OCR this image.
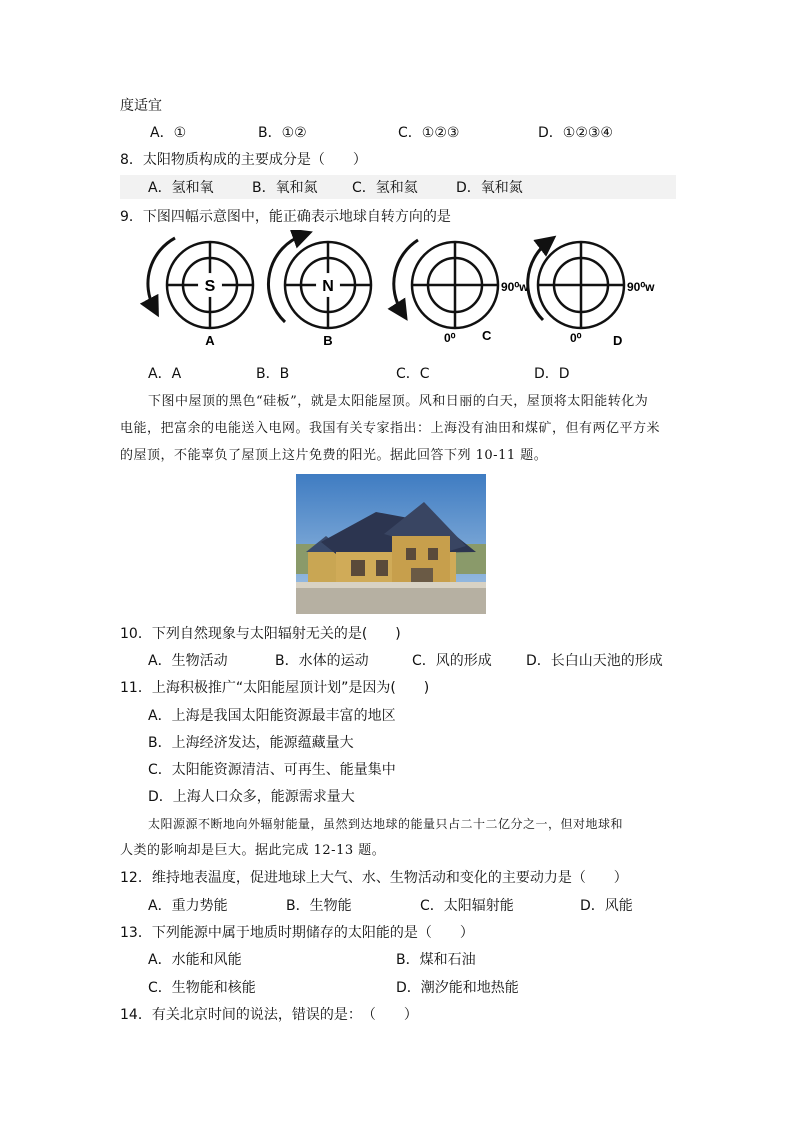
度适宜
A．①	B．①②	C．①②③	D．①②③④
8．太阳物质构成的主要成分是（　　）
A．氢和氧	B．氧和氮 C．氢和氦	D．氧和氮
9．下图四幅示意图中，能正确表示地球自转方向的是
S
A
N
B
90⁰w
0⁰ C
90⁰w
0⁰ D
A．A	B．B	C．C	D．D
下图中屋顶的黑色“硅板”，就是太阳能屋顶。风和日丽的白天，屋顶将太阳能转化为
电能，把富余的电能送入电网。我国有关专家指出：上海没有油田和煤矿，但有两亿平方米
的屋顶，不能辜负了屋顶上这片免费的阳光。据此回答下列 10-11 题。
10．下列自然现象与太阳辐射无关的是(　　)
A．生物活动	B．水体的运动	C．风的形成 D．长白山天池的形成
11．上海积极推广“太阳能屋顶计划”是因为(　　)
A．上海是我国太阳能资源最丰富的地区
B．上海经济发达，能源蕴藏量大
C．太阳能资源清洁、可再生、能量集中
D．上海人口众多，能源需求量大
太阳源源不断地向外辐射能量，虽然到达地球的能量只占二十二亿分之一，但对地球和
人类的影响却是巨大。据此完成 12-13 题。
12．维持地表温度，促进地球上大气、水、生物活动和变化的主要动力是（　　）
A．重力势能	B．生物能	C．太阳辐射能	D．风能
13．下列能源中属于地质时期储存的太阳能的是（　　）
A．水能和风能	B．煤和石油
C．生物能和核能	D．潮汐能和地热能
14．有关北京时间的说法，错误的是：　（　　）
